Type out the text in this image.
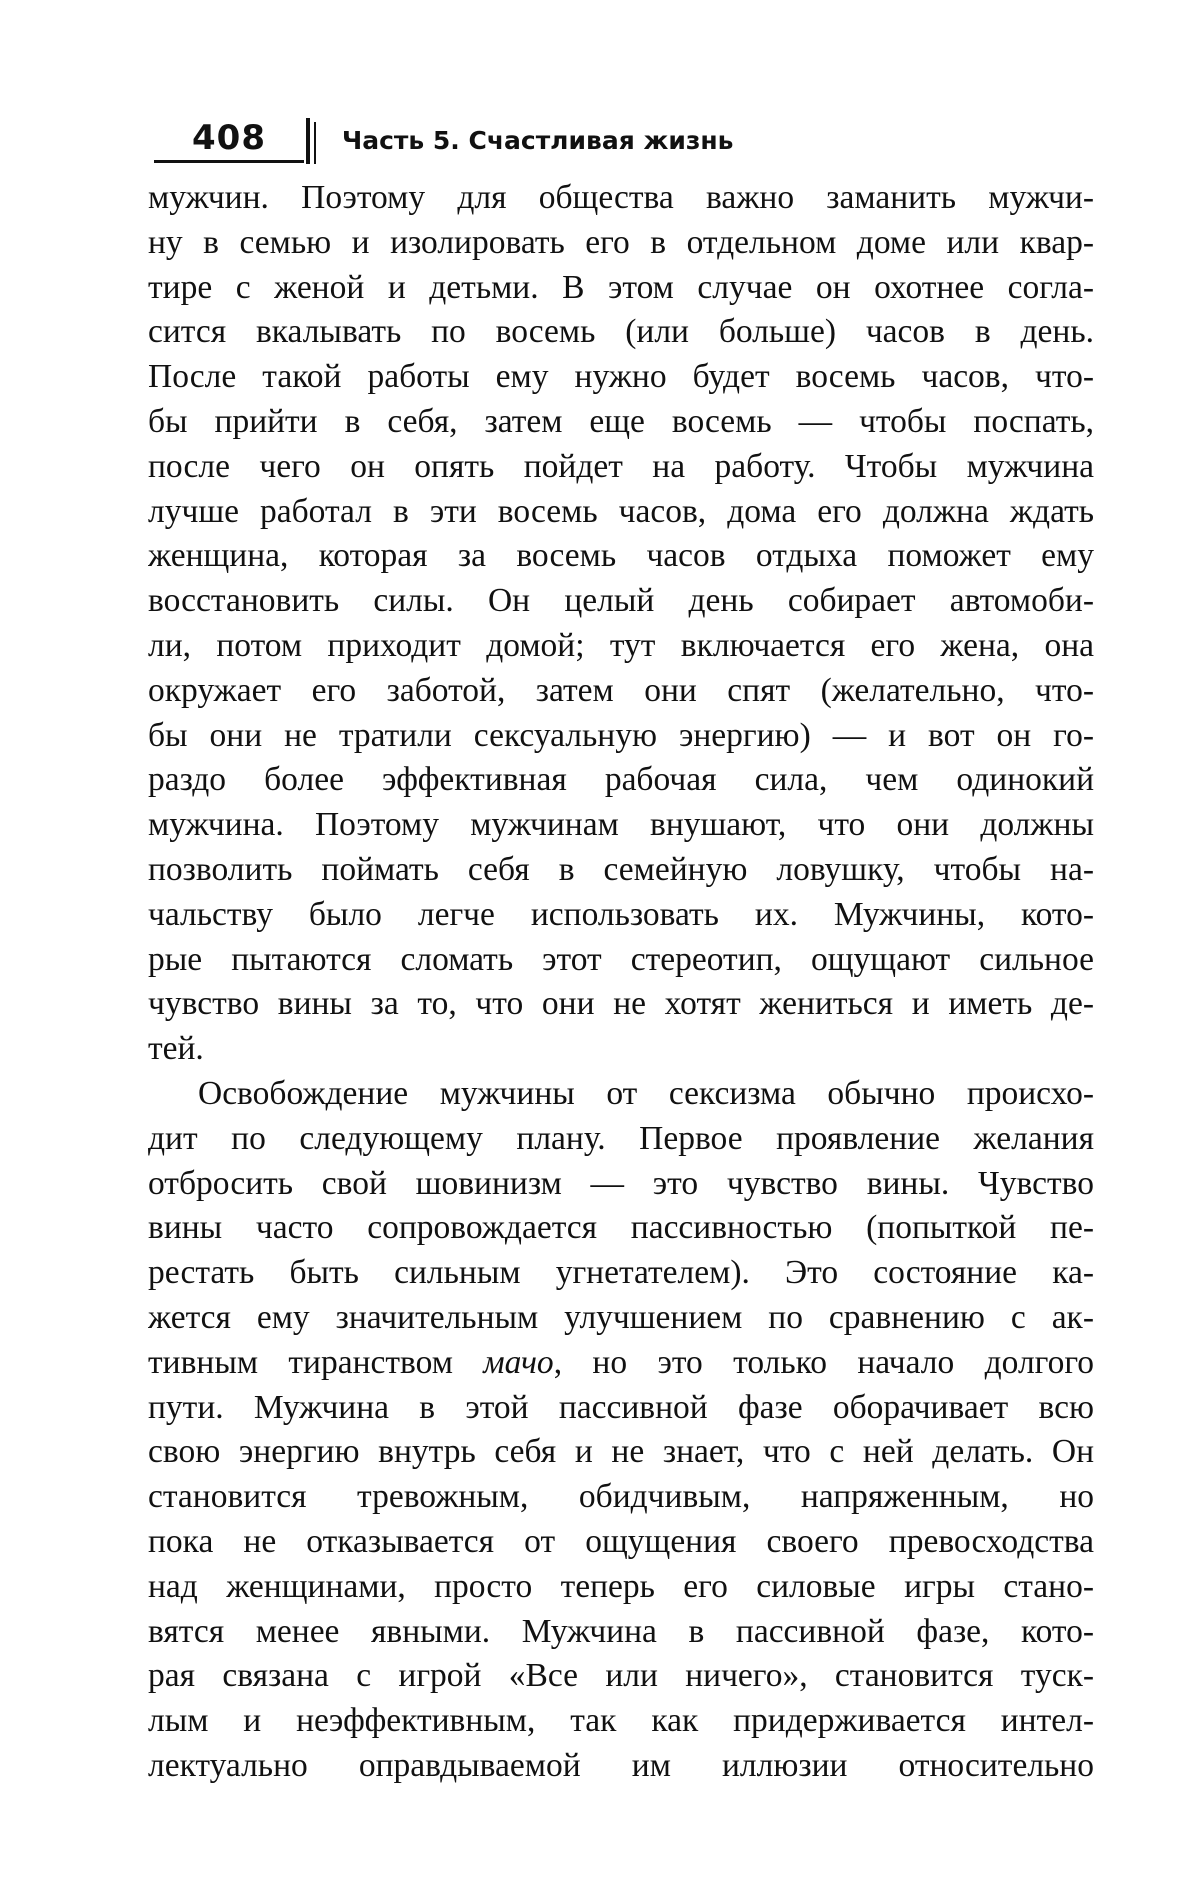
408	Часть 5. Счастливая жизнь
мужчин. Поэтому для общества важно заманить мужчи-
ну в семью и изолировать его в отдельном доме или квар-
тире с женой и детьми. В этом случае он охотнее согла-
сится вкалывать по восемь (или больше) часов в день.
После такой работы ему нужно будет восемь часов, что-
бы прийти в себя, затем еще восемь — чтобы поспать,
после чего он опять пойдет на работу. Чтобы мужчина
лучше работал в эти восемь часов, дома его должна ждать
женщина, которая за восемь часов отдыха поможет ему
восстановить силы. Он целый день собирает автомоби-
ли, потом приходит домой; тут включается его жена, она
окружает его заботой, затем они спят (желательно, что-
бы они не тратили сексуальную энергию) — и вот он го-
раздо более эффективная рабочая сила, чем одинокий
мужчина. Поэтому мужчинам внушают, что они должны
позволить поймать себя в семейную ловушку, чтобы на-
чальству было легче использовать их. Мужчины, кото-
рые пытаются сломать этот стереотип, ощущают сильное
чувство вины за то, что они не хотят жениться и иметь де-
тей.
Освобождение мужчины от сексизма обычно происхо-
дит по следующему плану. Первое проявление желания
отбросить свой шовинизм — это чувство вины. Чувство
вины часто сопровождается пассивностью (попыткой пе-
рестать быть сильным угнетателем). Это состояние ка-
жется ему значительным улучшением по сравнению с ак-
тивным тиранством мачо, но это только начало долгого
пути. Мужчина в этой пассивной фазе оборачивает всю
свою энергию внутрь себя и не знает, что с ней делать. Он
становится тревожным, обидчивым, напряженным, но
пока не отказывается от ощущения своего превосходства
над женщинами, просто теперь его силовые игры стано-
вятся менее явными. Мужчина в пассивной фазе, кото-
рая связана с игрой «Все или ничего», становится туск-
лым и неэффективным, так как придерживается интел-
лектуально оправдываемой им иллюзии относительно
